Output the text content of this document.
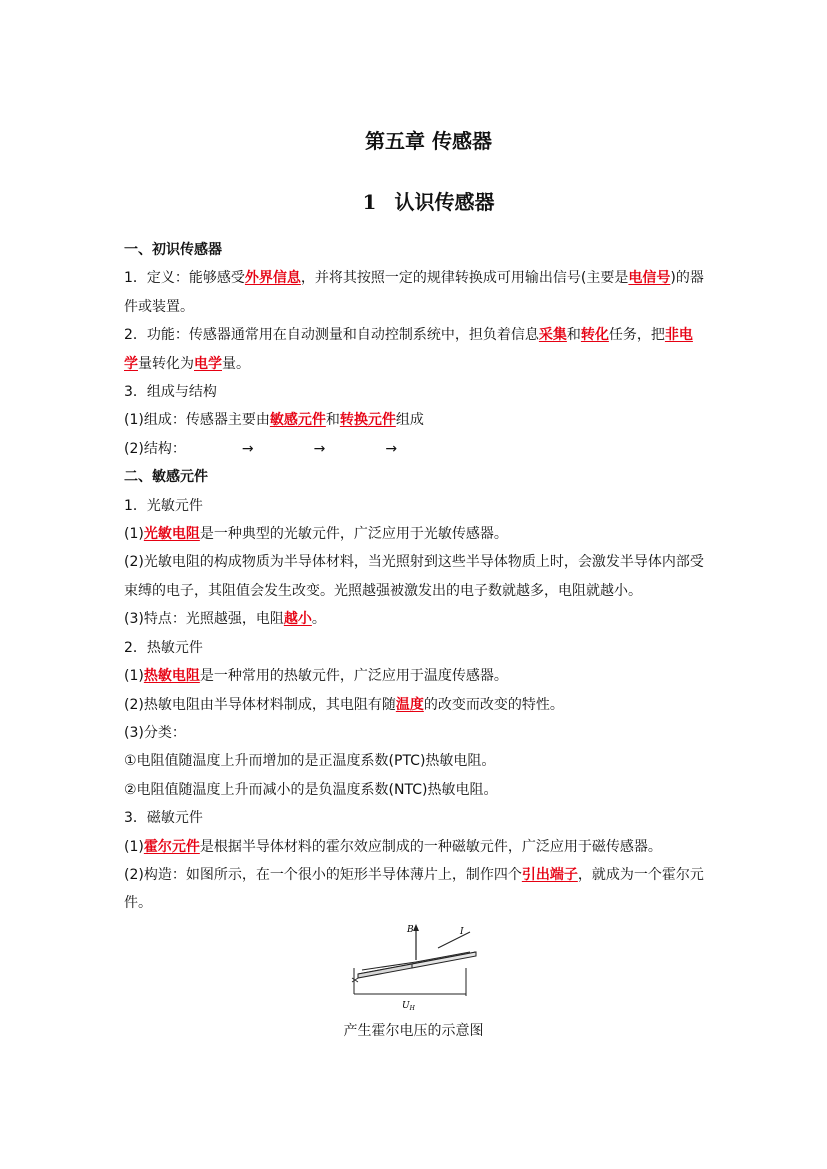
第五章 传感器
1 认识传感器

一、初识传感器

1．定义：能够感受外界信息，并将其按照一定的规律转换成可用输出信号(主要是电信号)的器件或装置。

2．功能：传感器通常用在自动测量和自动控制系统中，担负着信息采集和转化任务，把非电学量转化为电学量。

3．组成与结构

(1)组成：传感器主要由敏感元件和转换元件组成

(2)结构：	→	→	→

二、敏感元件

1．光敏元件

(1)光敏电阻是一种典型的光敏元件，广泛应用于光敏传感器。

(2)光敏电阻的构成物质为半导体材料，当光照射到这些半导体物质上时，会激发半导体内部受束缚的电子，其阻值会发生改变。光照越强被激发出的电子数就越多，电阻就越小。

(3)特点：光照越强，电阻越小。

2．热敏元件

(1)热敏电阻是一种常用的热敏元件，广泛应用于温度传感器。

(2)热敏电阻由半导体材料制成，其电阻有随温度的改变而改变的特性。

(3)分类：

①电阻值随温度上升而增加的是正温度系数(PTC)热敏电阻。

②电阻值随温度上升而减小的是负温度系数(NTC)热敏电阻。

3．磁敏元件

(1)霍尔元件是根据半导体材料的霍尔效应制成的一种磁敏元件，广泛应用于磁传感器。

(2)构造：如图所示，在一个很小的矩形半导体薄片上，制作四个引出端子，就成为一个霍尔元件。

B	I
$U_H$
产生霍尔电压的示意图
